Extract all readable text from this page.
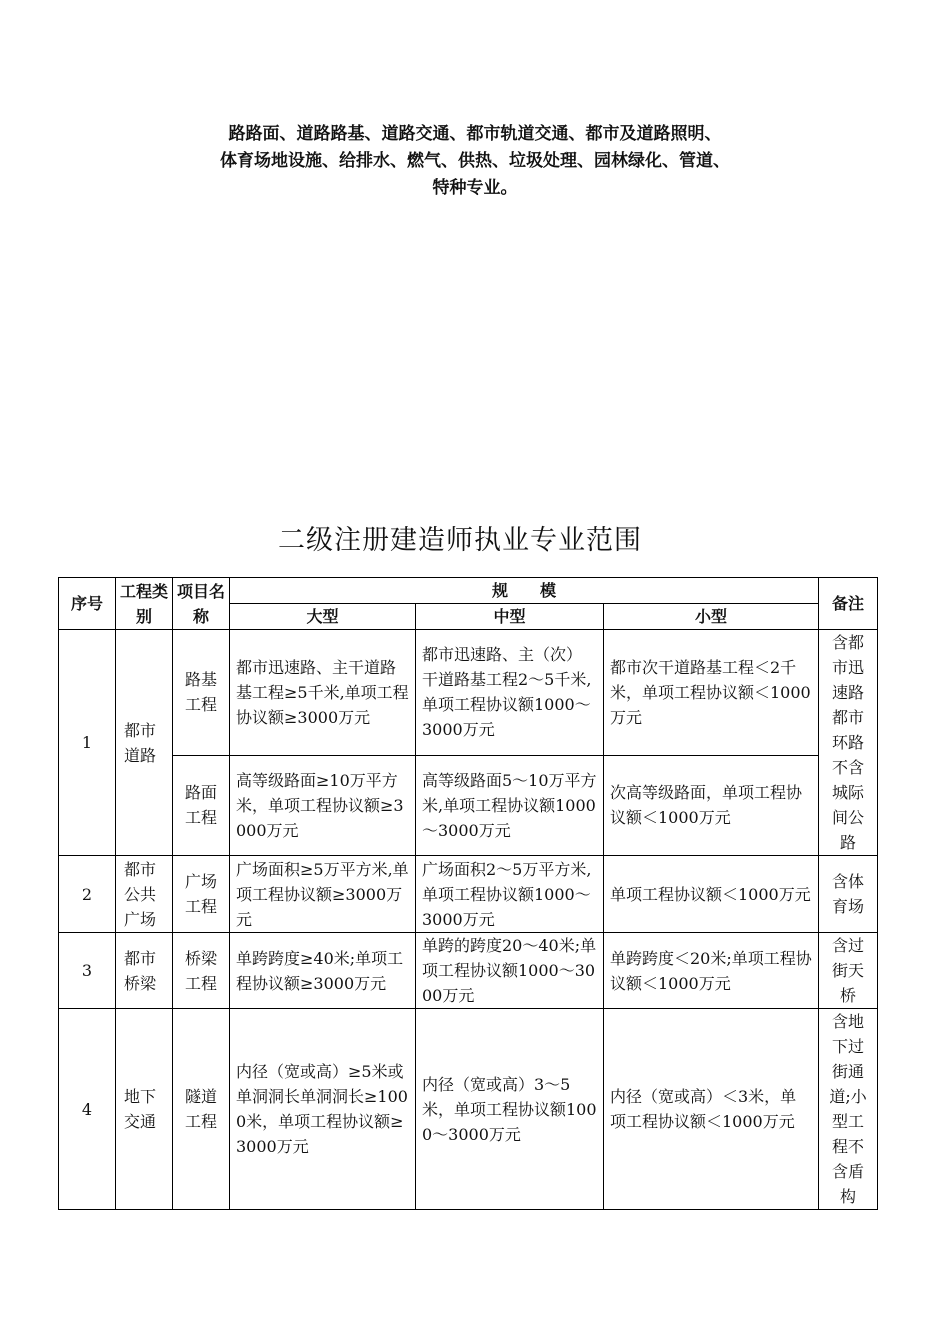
路路面、道路路基、道路交通、都市轨道交通、都市及道路照明、
体育场地设施、给排水、燃气、供热、垃圾处理、园林绿化、管道、
特种专业。
二级注册建造师执业专业范围
序号	工程类别	项目名称	规　　模			备注
			大型	中型	小型	
1	都市道路	路基工程	都市迅速路、主干道路基工程≥5千米,单项工程协议额≥3000万元	都市迅速路、主（次）干道路基工程2～5千米,单项工程协议额1000～3000万元	都市次干道路基工程＜2千米，单项工程协议额＜1000万元	含都市迅速路都市环路不含城际间公路
		路面工程	高等级路面≥10万平方米，单项工程协议额≥3000万元	高等级路面5～10万平方米,单项工程协议额1000～3000万元	次高等级路面，单项工程协议额＜1000万元	
2	都市公共广场	广场工程	广场面积≥5万平方米,单项工程协议额≥3000万元	广场面积2～5万平方米,单项工程协议额1000～3000万元	单项工程协议额＜1000万元	含体育场
3	都市桥梁	桥梁工程	单跨跨度≥40米;单项工程协议额≥3000万元	单跨的跨度20～40米;单项工程协议额1000～3000万元	单跨跨度＜20米;单项工程协议额＜1000万元	含过街天桥
4	地下交通	隧道工程	内径（宽或高）≥5米或单洞洞长单洞洞长≥1000米，单项工程协议额≥3000万元	内径（宽或高）3～5米，单项工程协议额1000～3000万元	内径（宽或高）＜3米，单项工程协议额＜1000万元	含地下过街通道;小型工程不含盾构
